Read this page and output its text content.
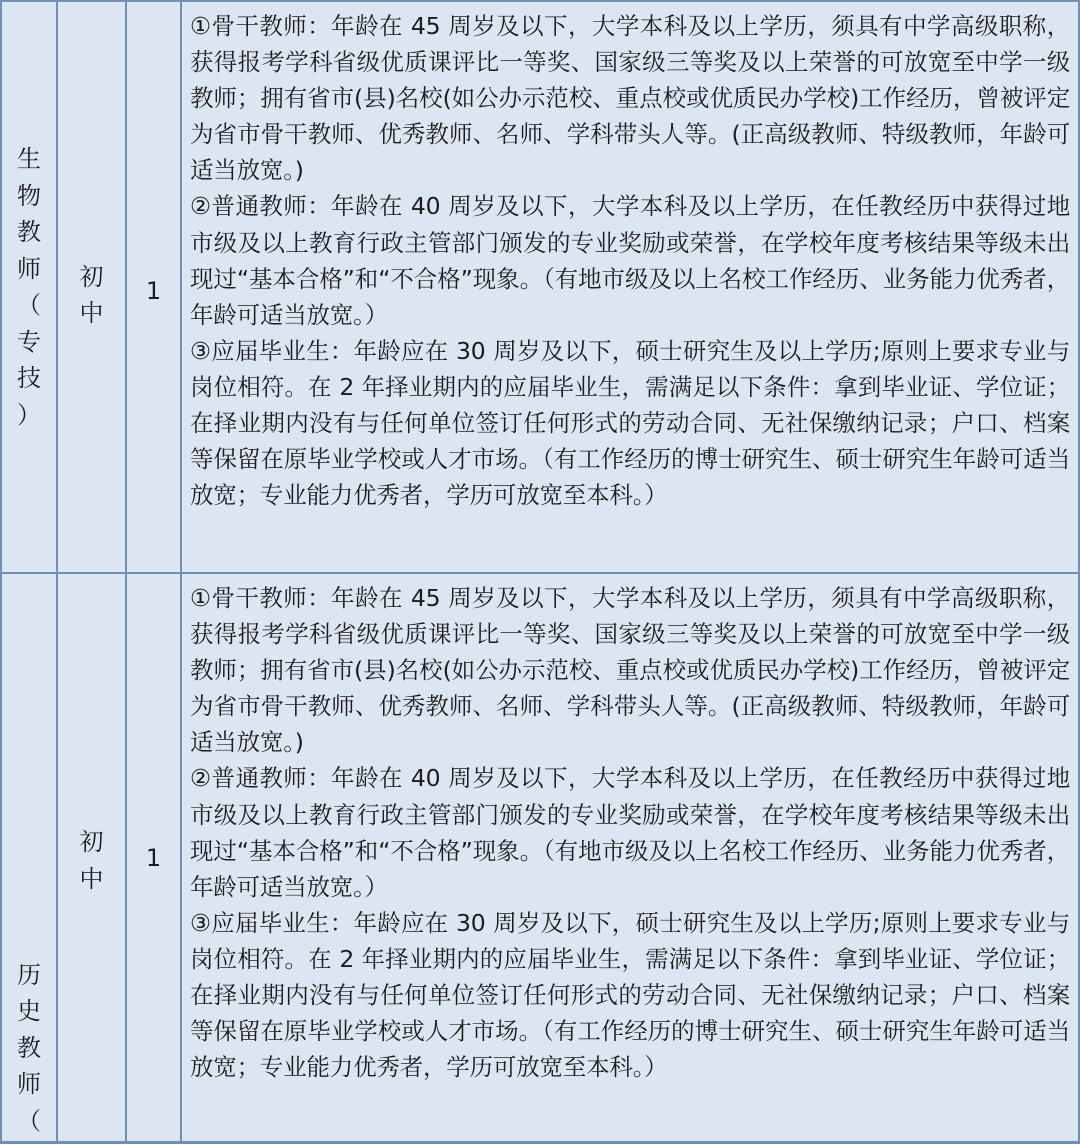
生
物
教
师
（
专
技
）
初
中
1

①骨干教师：年龄在 45 周岁及以下，大学本科及以上学历，须具有中学高级职称，获得报考学科省级优质课评比一等奖、国家级三等奖及以上荣誉的可放宽至中学一级教师；拥有省市(县)名校(如公办示范校、重点校或优质民办学校)工作经历，曾被评定为省市骨干教师、优秀教师、名师、学科带头人等。(正高级教师、特级教师，年龄可适当放宽。)

②普通教师：年龄在 40 周岁及以下，大学本科及以上学历，在任教经历中获得过地市级及以上教育行政主管部门颁发的专业奖励或荣誉，在学校年度考核结果等级未出现过“基本合格”和“不合格”现象。（有地市级及以上名校工作经历、业务能力优秀者，年龄可适当放宽。）

③应届毕业生：年龄应在 30 周岁及以下，硕士研究生及以上学历;原则上要求专业与岗位相符。在 2 年择业期内的应届毕业生，需满足以下条件：拿到毕业证、学位证；在择业期内没有与任何单位签订任何形式的劳动合同、无社保缴纳记录；户口、档案等保留在原毕业学校或人才市场。（有工作经历的博士研究生、硕士研究生年龄可适当放宽；专业能力优秀者，学历可放宽至本科。）

历
史
教
师
（
初
中
1

①骨干教师：年龄在 45 周岁及以下，大学本科及以上学历，须具有中学高级职称，获得报考学科省级优质课评比一等奖、国家级三等奖及以上荣誉的可放宽至中学一级教师；拥有省市(县)名校(如公办示范校、重点校或优质民办学校)工作经历，曾被评定为省市骨干教师、优秀教师、名师、学科带头人等。(正高级教师、特级教师，年龄可适当放宽。)

②普通教师：年龄在 40 周岁及以下，大学本科及以上学历，在任教经历中获得过地市级及以上教育行政主管部门颁发的专业奖励或荣誉，在学校年度考核结果等级未出现过“基本合格”和“不合格”现象。（有地市级及以上名校工作经历、业务能力优秀者，年龄可适当放宽。）

③应届毕业生：年龄应在 30 周岁及以下，硕士研究生及以上学历;原则上要求专业与岗位相符。在 2 年择业期内的应届毕业生，需满足以下条件：拿到毕业证、学位证；在择业期内没有与任何单位签订任何形式的劳动合同、无社保缴纳记录；户口、档案等保留在原毕业学校或人才市场。（有工作经历的博士研究生、硕士研究生年龄可适当放宽；专业能力优秀者，学历可放宽至本科。）
